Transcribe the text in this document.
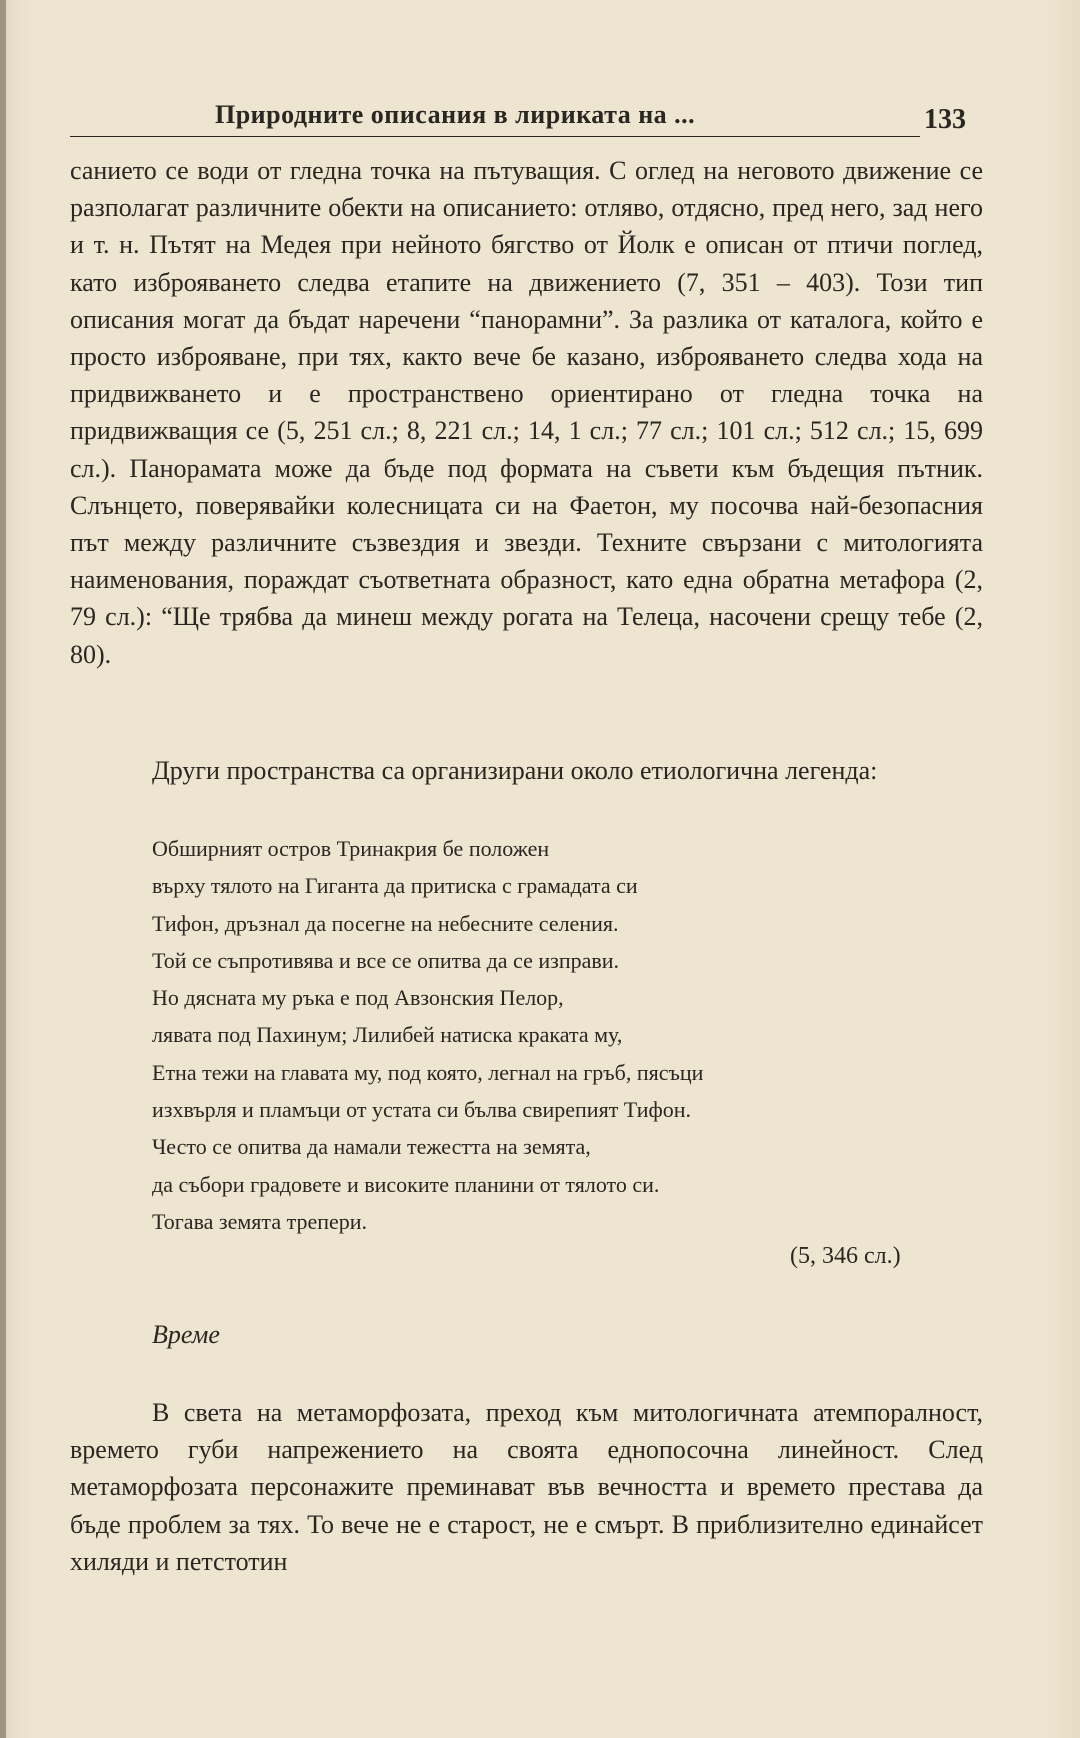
Природните описания в лириката на ...	133
санието се води от гледна точка на пътуващия. С оглед на неговото движение се разполагат различните обекти на описанието: отляво, отдясно, пред него, зад него и т. н. Пътят на Медея при нейното бягство от Йолк е описан от птичи поглед, като изброяването следва етапите на движението (7, 351 – 403). Този тип описания могат да бъдат наречени “панорамни”. За разлика от каталога, който е просто изброяване, при тях, както вече бе казано, изброяването следва хода на придвижването и е пространствено ориентирано от гледна точка на придвижващия се (5, 251 сл.; 8, 221 сл.; 14, 1 сл.; 77 сл.; 101 сл.; 512 сл.; 15, 699 сл.). Панорамата може да бъде под формата на съвети към бъдещия пътник. Слънцето, поверявайки колесницата си на Фаетон, му посочва най-безопасния път между различните съзвездия и звезди. Техните свързани с митологията наименования, пораждат съответната образност, като една обратна метафора (2, 79 сл.): “Ще трябва да минеш между рогата на Телеца, насочени срещу тебе (2, 80).
Други пространства са организирани около етиологична легенда:
Обширният остров Тринакрия бе положен
върху тялото на Гиганта да притиска с грамадата си
Тифон, дръзнал да посегне на небесните селения.
Той се съпротивява и все се опитва да се изправи.
Но дясната му ръка е под Авзонския Пелор,
лявата под Пахинум; Лилибей натиска краката му,
Етна тежи на главата му, под която, легнал на гръб, пясъци
изхвърля и пламъци от устата си бълва свирепият Тифон.
Често се опитва да намали тежестта на земята,
да събори градовете и високите планини от тялото си.
Тогава земята трепери.
(5, 346 сл.)
Време
В света на метаморфозата, преход към митологичната атемпоралност, времето губи напрежението на своята еднопосочна линейност. След метаморфозата персонажите преминават във вечността и времето престава да бъде проблем за тях. То вече не е старост, не е смърт. В приблизително единайсет хиляди и петстотин
